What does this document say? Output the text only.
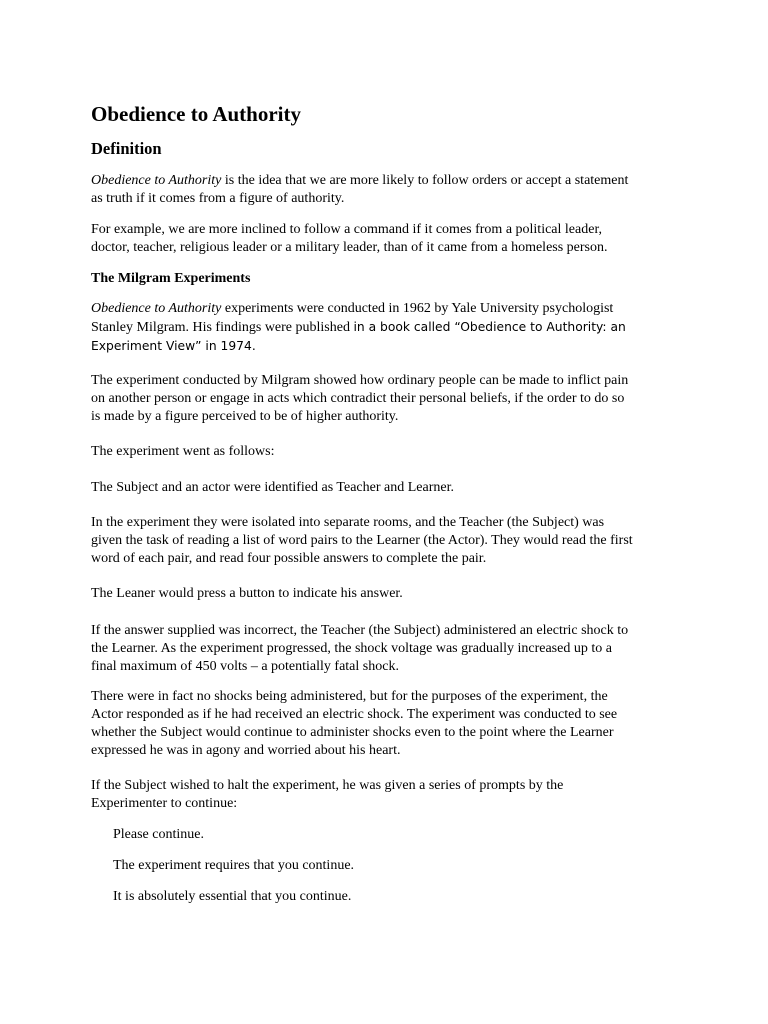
Obedience to Authority
Definition

Obedience to Authority is the idea that we are more likely to follow orders or accept a statement
as truth if it comes from a figure of authority.

For example, we are more inclined to follow a command if it comes from a political leader,
doctor, teacher, religious leader or a military leader, than of it came from a homeless person.

The Milgram Experiments

Obedience to Authority experiments were conducted in 1962 by Yale University psychologist
Stanley Milgram. His findings were published in a book called “Obedience to Authority: an
Experiment View” in 1974.

The experiment conducted by Milgram showed how ordinary people can be made to inflict pain
on another person or engage in acts which contradict their personal beliefs, if the order to do so
is made by a figure perceived to be of higher authority.

The experiment went as follows:

The Subject and an actor were identified as Teacher and Learner.

In the experiment they were isolated into separate rooms, and the Teacher (the Subject) was
given the task of reading a list of word pairs to the Learner (the Actor). They would read the first
word of each pair, and read four possible answers to complete the pair.

The Leaner would press a button to indicate his answer.

If the answer supplied was incorrect, the Teacher (the Subject) administered an electric shock to
the Learner. As the experiment progressed, the shock voltage was gradually increased up to a
final maximum of 450 volts – a potentially fatal shock.

There were in fact no shocks being administered, but for the purposes of the experiment, the
Actor responded as if he had received an electric shock. The experiment was conducted to see
whether the Subject would continue to administer shocks even to the point where the Learner
expressed he was in agony and worried about his heart.

If the Subject wished to halt the experiment, he was given a series of prompts by the
Experimenter to continue:

Please continue.

The experiment requires that you continue.

It is absolutely essential that you continue.
